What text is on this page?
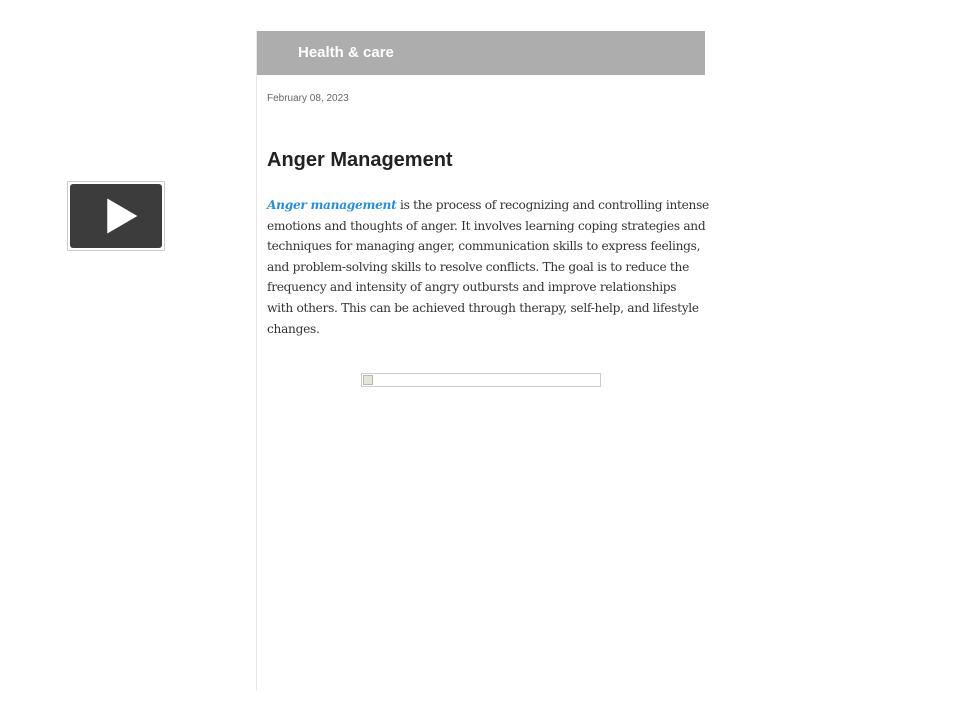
Health & care
February 08, 2023
Anger Management
Anger management is the process of recognizing and controlling intense
emotions and thoughts of anger. It involves learning coping strategies and
techniques for managing anger, communication skills to express feelings,
and problem-solving skills to resolve conflicts. The goal is to reduce the
frequency and intensity of angry outbursts and improve relationships
with others. This can be achieved through therapy, self-help, and lifestyle
changes.
